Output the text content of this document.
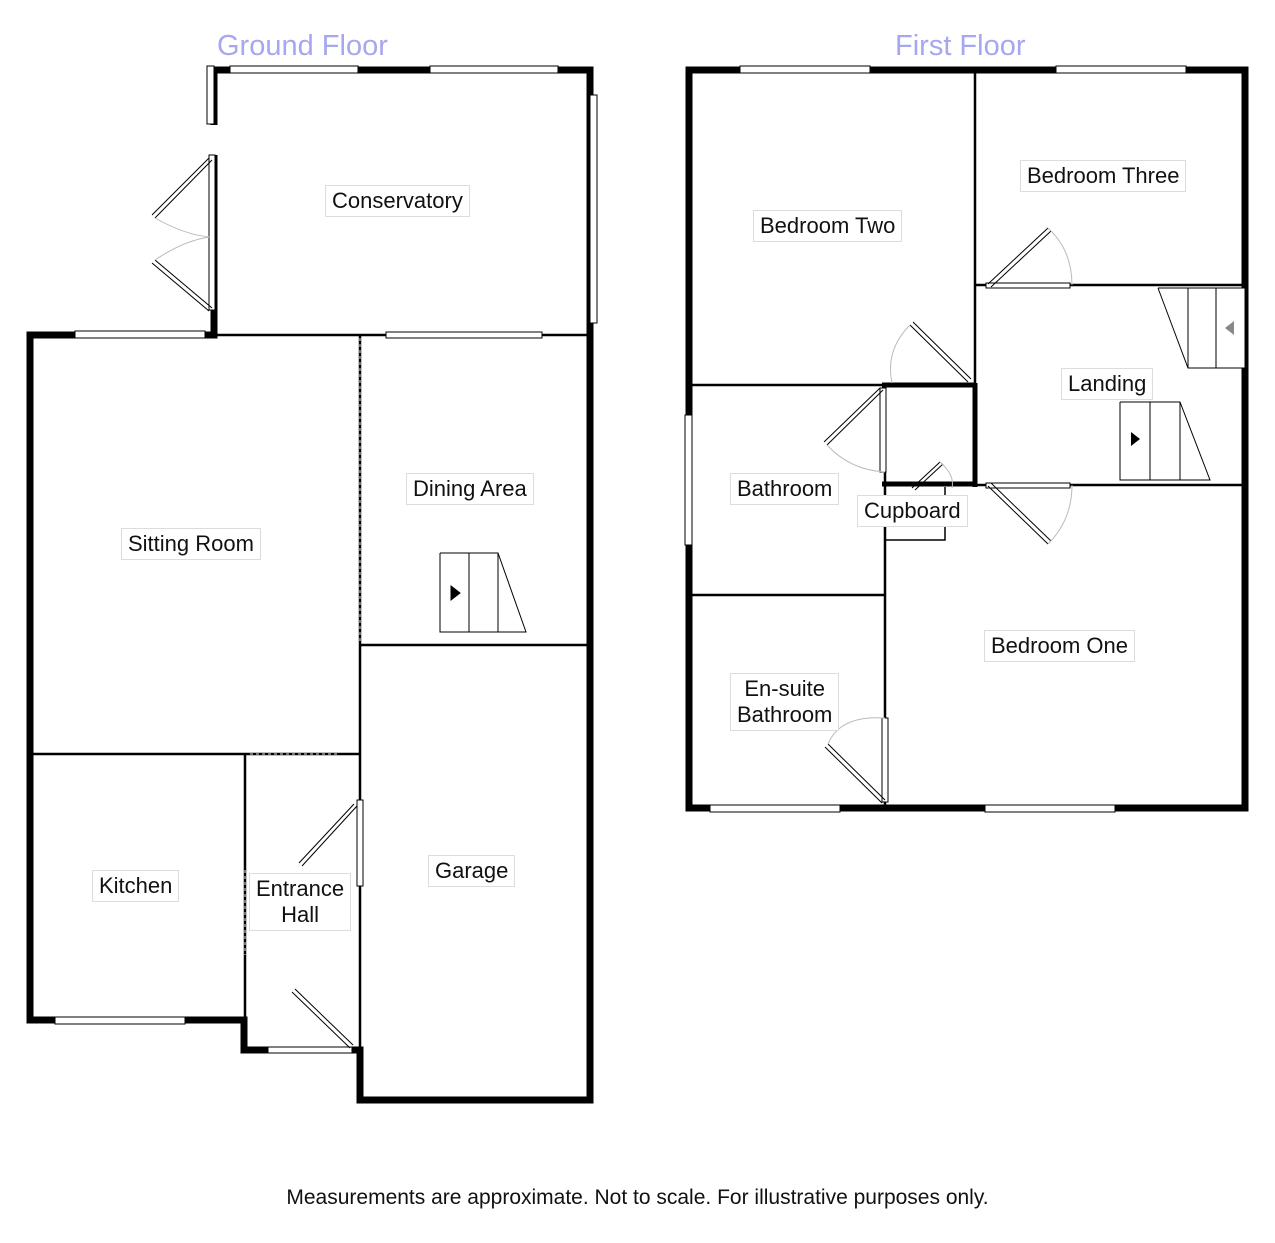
Ground Floor	First Floor
Conservatory
Sitting Room
Dining Area
Kitchen	Entrance
Hall
Garage
Bedroom Two
Bedroom Three
Landing
Bathroom
Cupboard
En-suite
Bathroom
Bedroom One
Measurements are approximate. Not to scale. For illustrative purposes only.
